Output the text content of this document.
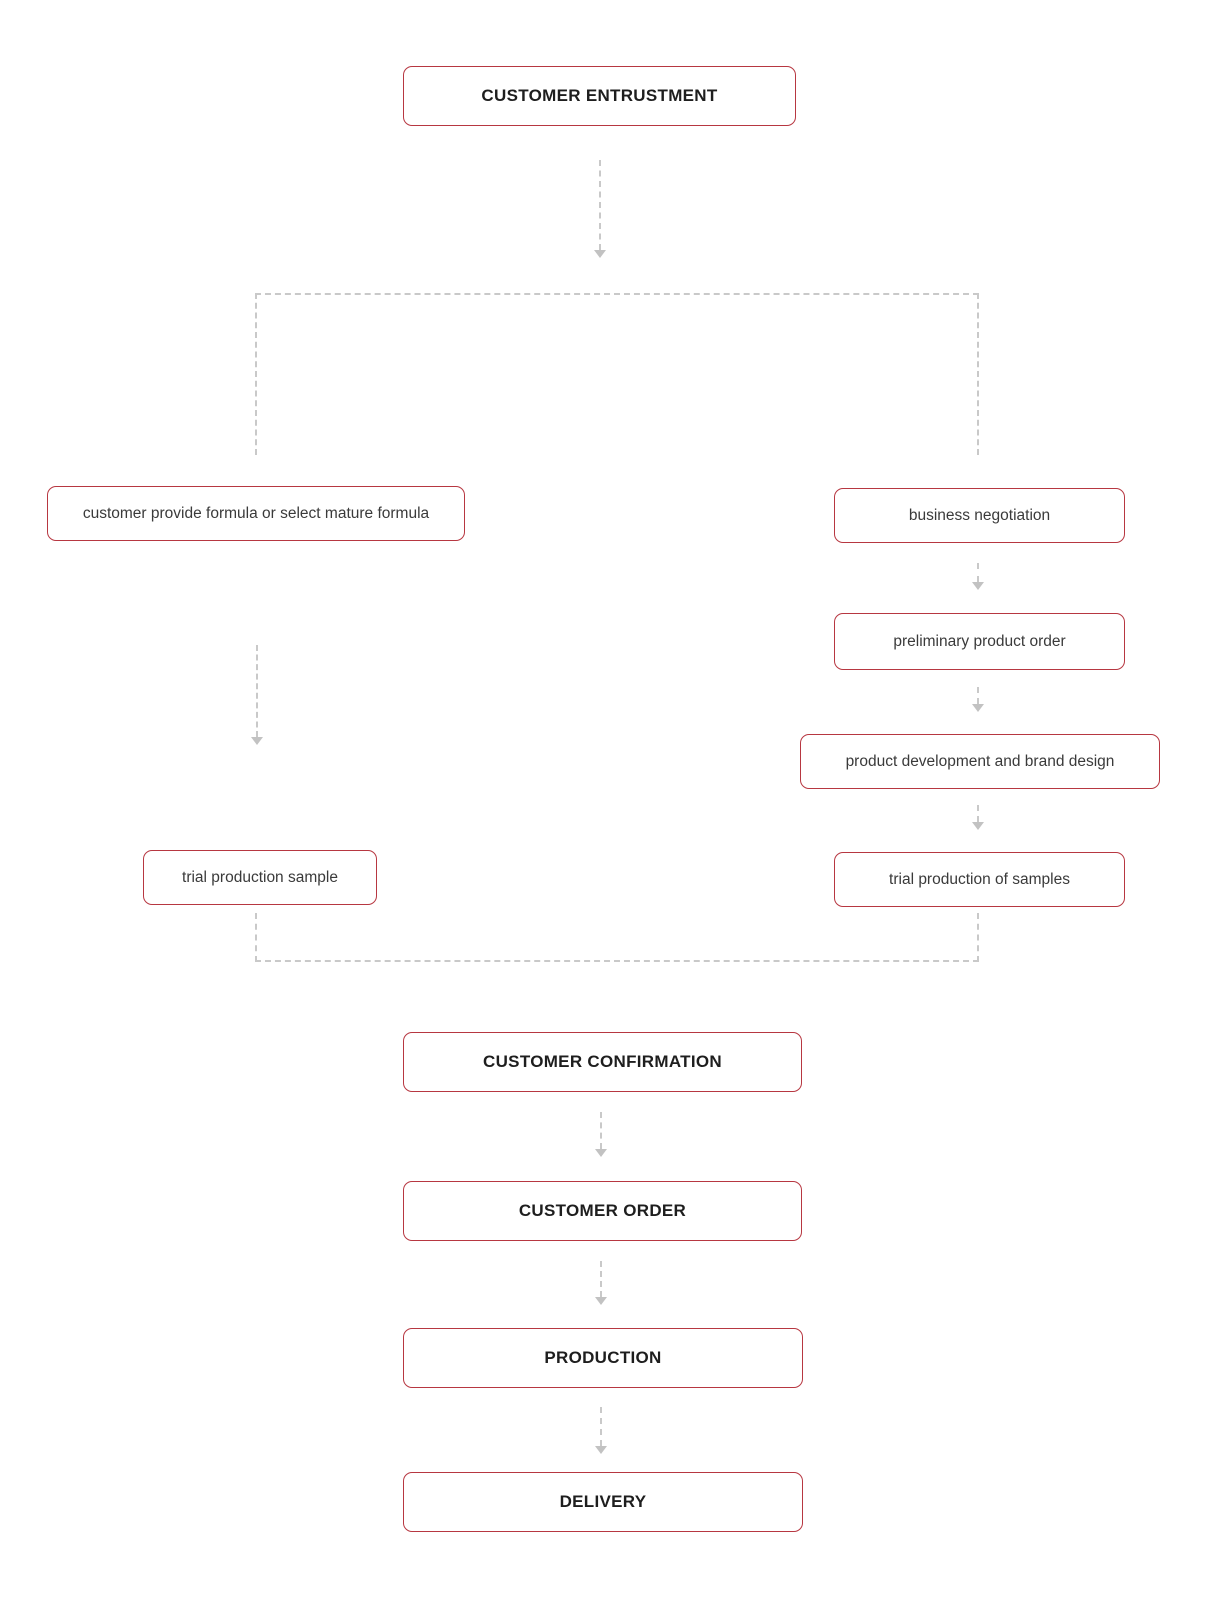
CUSTOMER ENTRUSTMENT
customer provide formula or select mature formula	business negotiation
preliminary product order
product development and brand design
trial production sample	trial production of samples
CUSTOMER CONFIRMATION
CUSTOMER ORDER
PRODUCTION
DELIVERY
